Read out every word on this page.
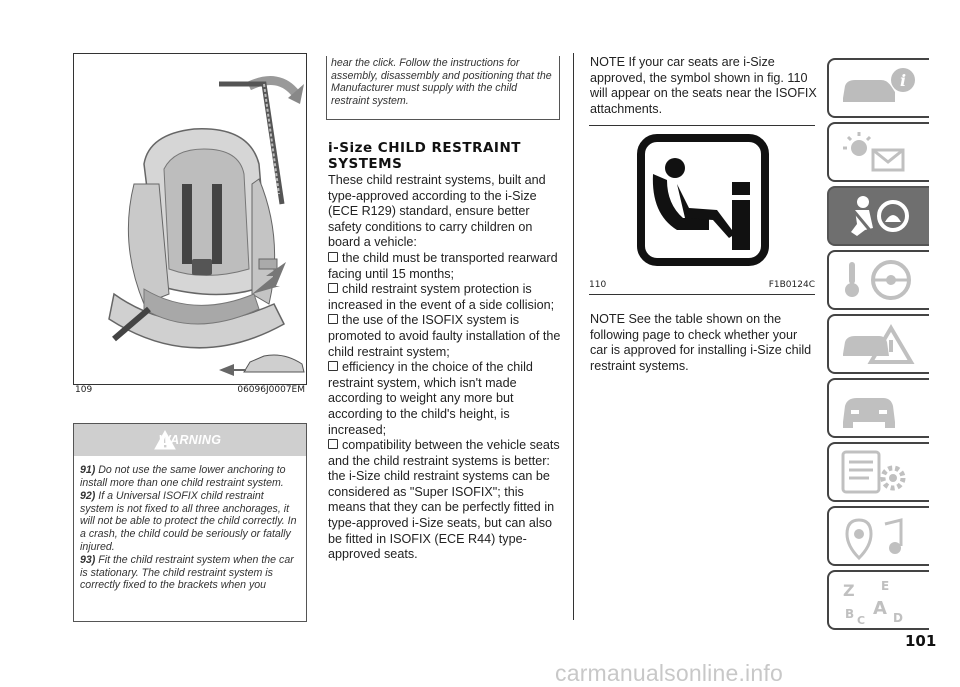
109	06096J0007EM
WARNING

91) Do not use the same lower anchoring to install more than one child restraint system.

92) If a Universal ISOFIX child restraint system is not fixed to all three anchorages, it will not be able to protect the child correctly. In a crash, the child could be seriously or fatally injured.

93) Fit the child restraint system when the car is stationary. The child restraint system is correctly fixed to the brackets when you

hear the click. Follow the instructions for assembly, disassembly and positioning that the Manufacturer must supply with the child restraint system.
i-Size CHILD RESTRAINT SYSTEMS

These child restraint systems, built and type-approved according to the i-Size (ECE R129) standard, ensure better safety conditions to carry children on board a vehicle:

the child must be transported rearward facing until 15 months;

child restraint system protection is increased in the event of a side collision;

the use of the ISOFIX system is promoted to avoid faulty installation of the child restraint system;

efficiency in the choice of the child restraint system, which isn't made according to weight any more but according to the child's height, is increased;

compatibility between the vehicle seats and the child restraint systems is better: the i-Size child restraint systems can be considered as "Super ISOFIX"; this means that they can be perfectly fitted in type-approved i-Size seats, but can also be fitted in ISOFIX (ECE R44) type-approved seats.

NOTE If your car seats are i-Size approved, the symbol shown in fig. 110 will appear on the seats near the ISOFIX attachments.
110	F1B0124C
NOTE See the table shown on the following page to check whether your car is approved for installing i-Size child restraint systems.
i
Z E
B A
C D
101
carmanualsonline.info
